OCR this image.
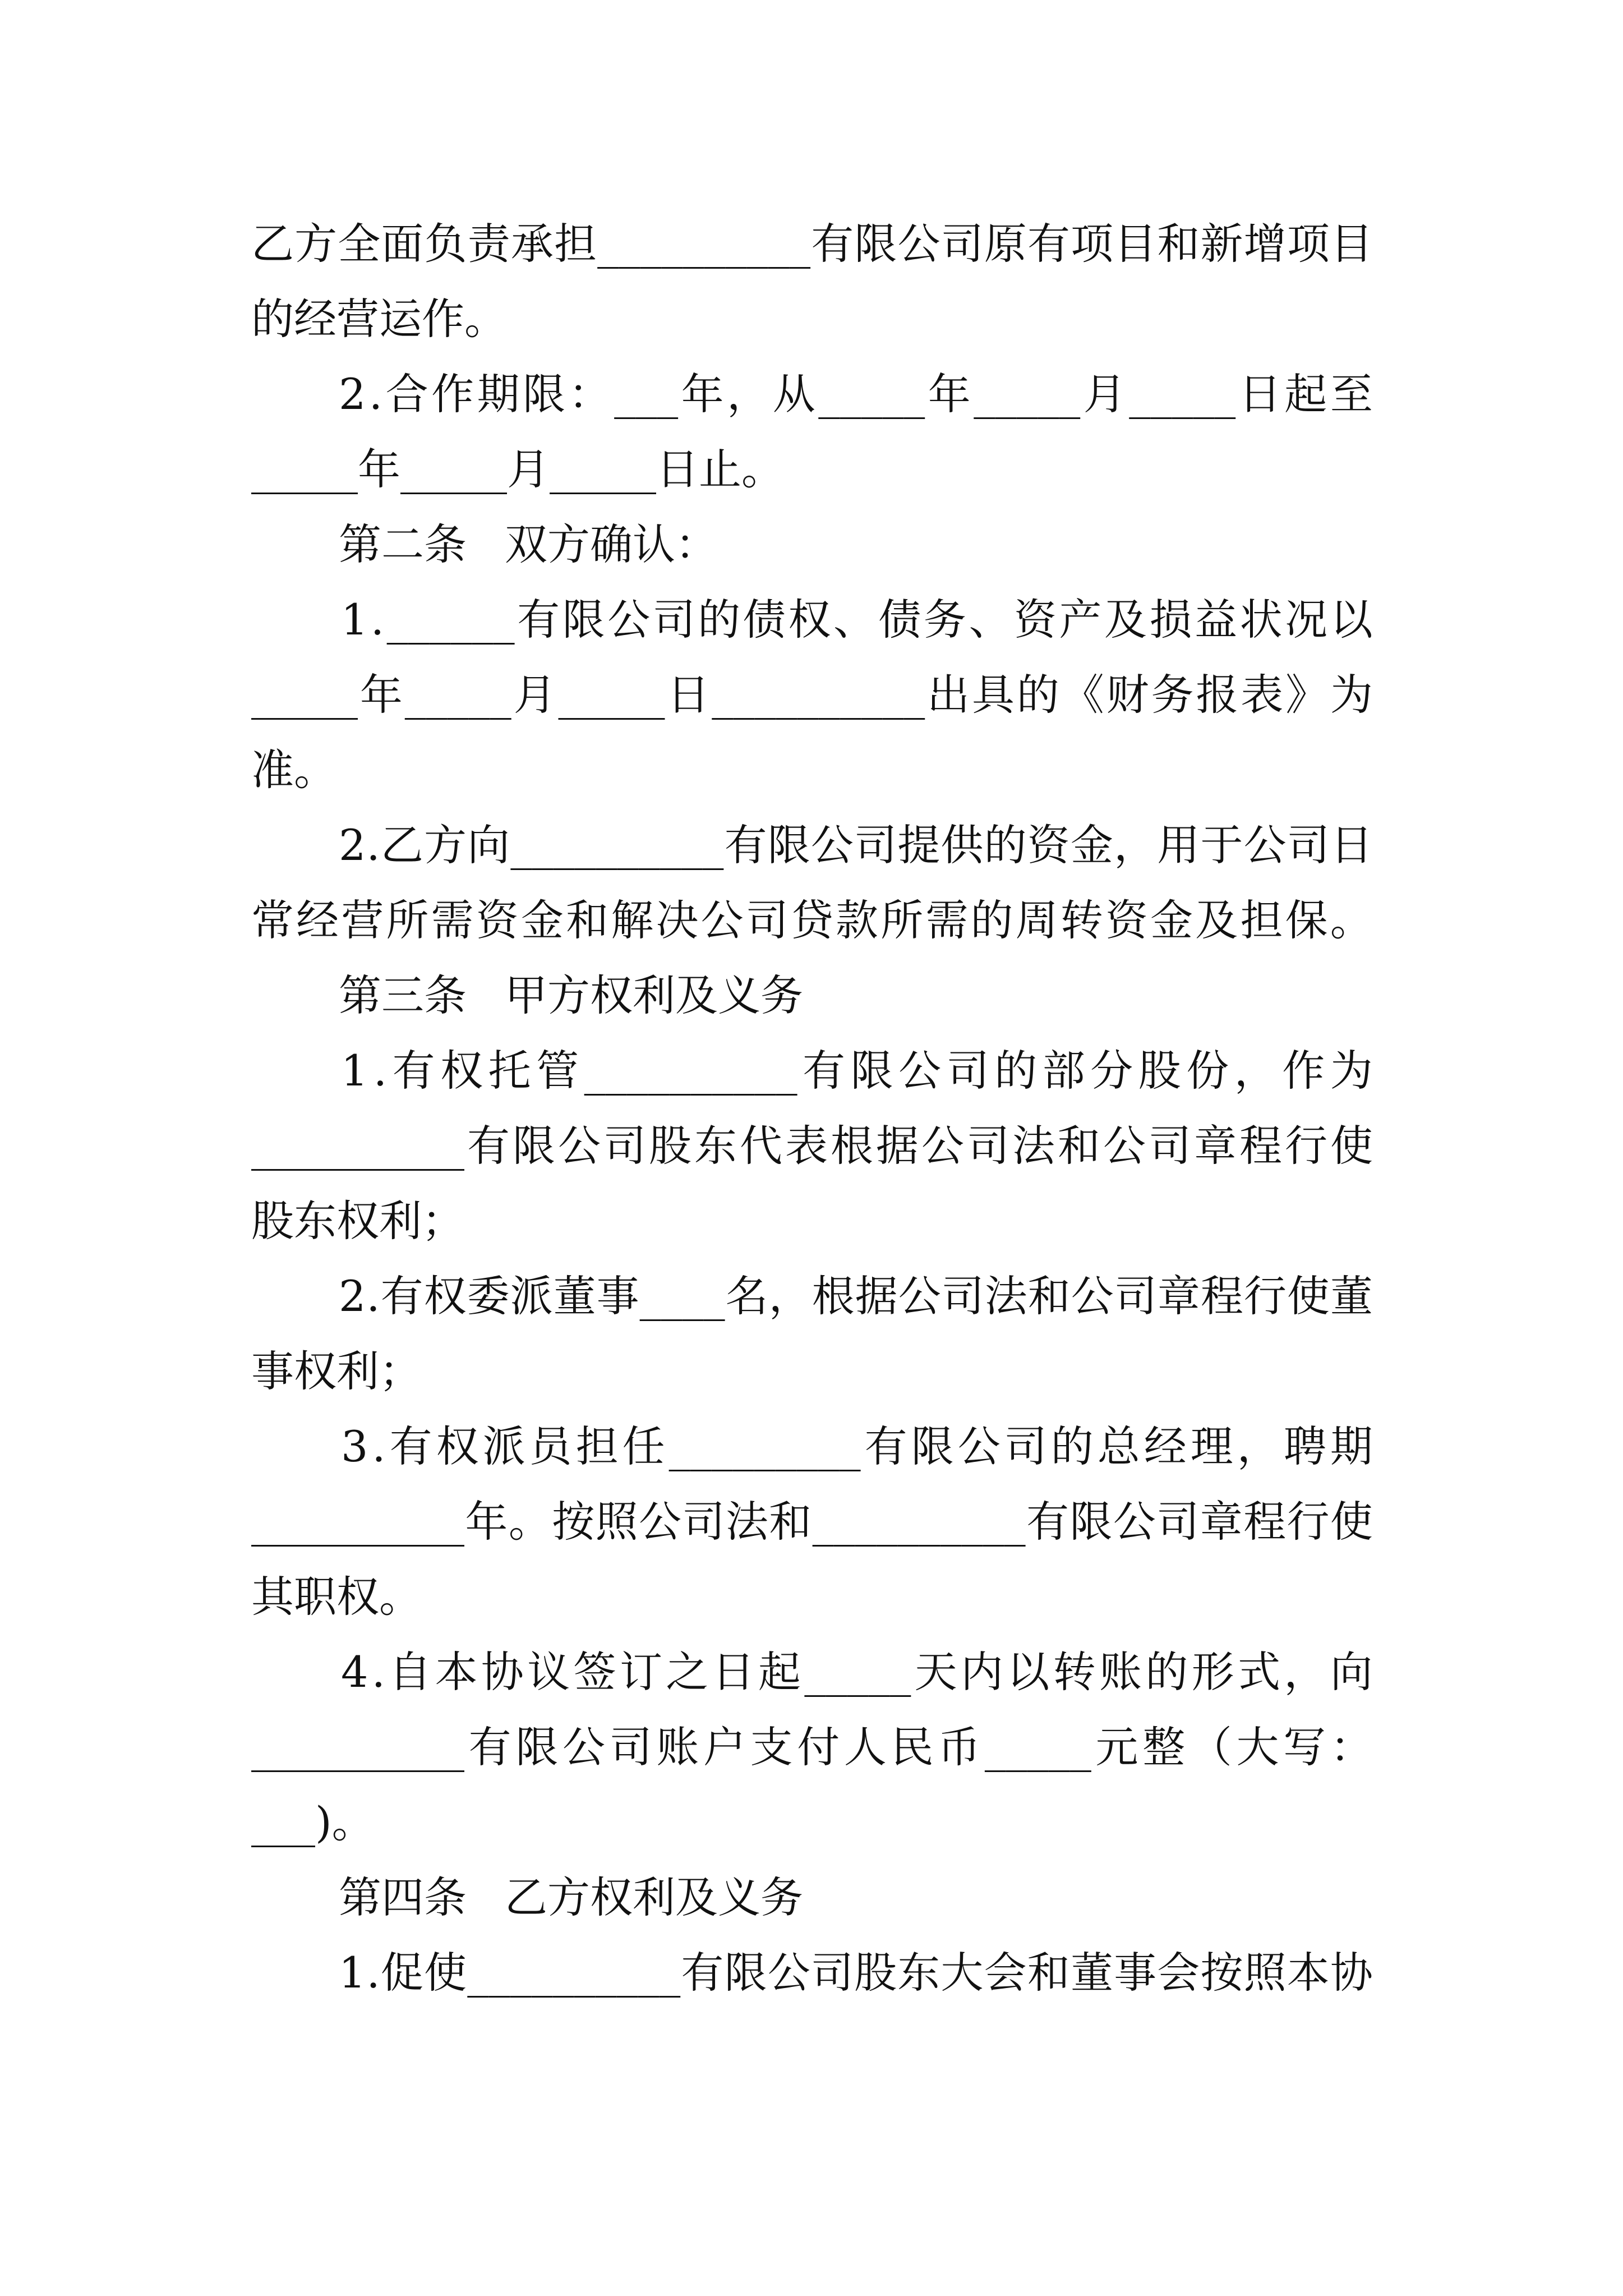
乙 方 全 面 负 责 承 担 __________ 有 限 公 司 原 有 项 目 和 新 增 项 目
的 经 营 运 作 。
2 . 合 作 期 限 ： ___ 年 ， 从 _____ 年 _____ 月 _____ 日 起 至
_____ 年 _____ 月 _____ 日 止 。
第二条 双方确认：
1 . ______ 有 限 公 司 的 债 权 、 债 务 、 资 产 及 损 益 状 况 以
_____ 年 _____ 月 _____ 日 __________ 出 具 的 《 财 务 报 表 》 为
准 。
2 . 乙 方 向 __________ 有 限 公 司 提 供 的 资 金 ， 用 于 公 司 日
常 经 营 所 需 资 金 和 解 决 公 司 贷 款 所 需 的 周 转 资 金 及 担 保 。
第三条 甲方权利及义务
1 . 有 权 托 管 __________ 有 限 公 司 的 部 分 股 份 ， 作 为
__________ 有 限 公 司 股 东 代 表 根 据 公 司 法 和 公 司 章 程 行 使
股 东 权 利 ；
2 . 有 权 委 派 董 事 ____ 名 ， 根 据 公 司 法 和 公 司 章 程 行 使 董
事 权 利 ；
3 . 有 权 派 员 担 任 _________ 有 限 公 司 的 总 经 理 ， 聘 期
__________ 年 。 按 照 公 司 法 和 __________ 有 限 公 司 章 程 行 使
其 职 权 。
4 . 自 本 协 议 签 订 之 日 起 _____ 天 内 以 转 账 的 形 式 ， 向
__________ 有 限 公 司 账 户 支 付 人 民 币 _____ 元 整 （ 大 写 ：
___ ) 。
第四条 乙方权利及义务
1 . 促 使 __________ 有 限 公 司 股 东 大 会 和 董 事 会 按 照 本 协
